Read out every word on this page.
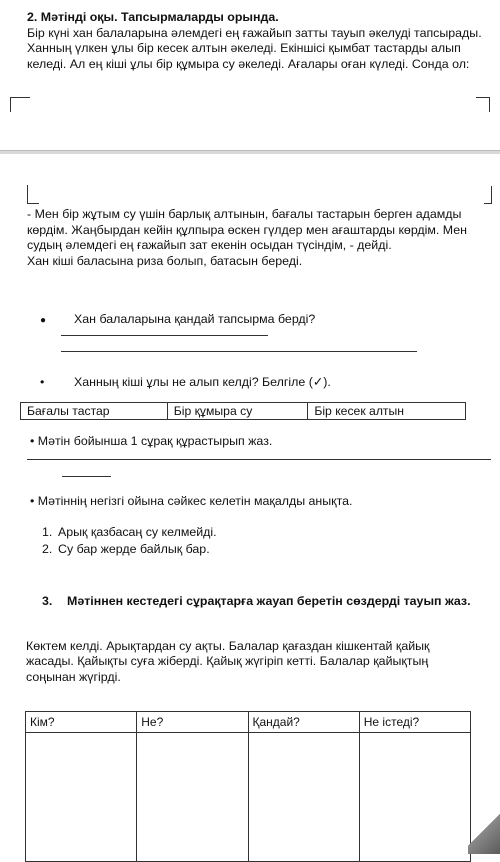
2. Мәтінді оқы. Тапсырмаларды орында.
Бір күні хан балаларына әлемдегі ең ғажайып затты тауып әкелуді тапсырады. Ханның үлкен ұлы бір кесек алтын әкеледі. Екіншісі қымбат тастарды алып келеді. Ал ең кіші ұлы бір құмыра су әкеледі. Ағалары оған күледі. Сонда ол:
- Мен бір жұтым су үшін барлық алтынын, бағалы тастарын берген адамды көрдім. Жаңбырдан кейін құлпыра өскен гүлдер мен ағаштарды көрдім. Мен судың әлемдегі ең ғажайып зат екенін осыдан түсіндім, - дейді.
Хан кіші баласына риза болып, батасын береді.
● Хан балаларына қандай тапсырма берді?
• Ханның кіші ұлы не алып келді? Белгіле (✓).
Бағалы тастар	Бір құмыра су	Бір кесек алтын
• Мәтін бойынша 1 сұрақ құрастырып жаз.
• Мәтіннің негізгі ойына сәйкес келетін мақалды анықта.
1. Арық қазбасаң су келмейді.
2. Су бар жерде байлық бар.
3. Мәтіннен кестедегі сұрақтарға жауап беретін сөздерді тауып жаз.
Көктем келді. Арықтардан су ақты. Балалар қағаздан кішкентай қайық жасады. Қайықты суға жіберді. Қайық жүгіріп кетті. Балалар қайықтың соңынан жүгірді.
Кім?	Не?	Қандай?	Не істеді?
